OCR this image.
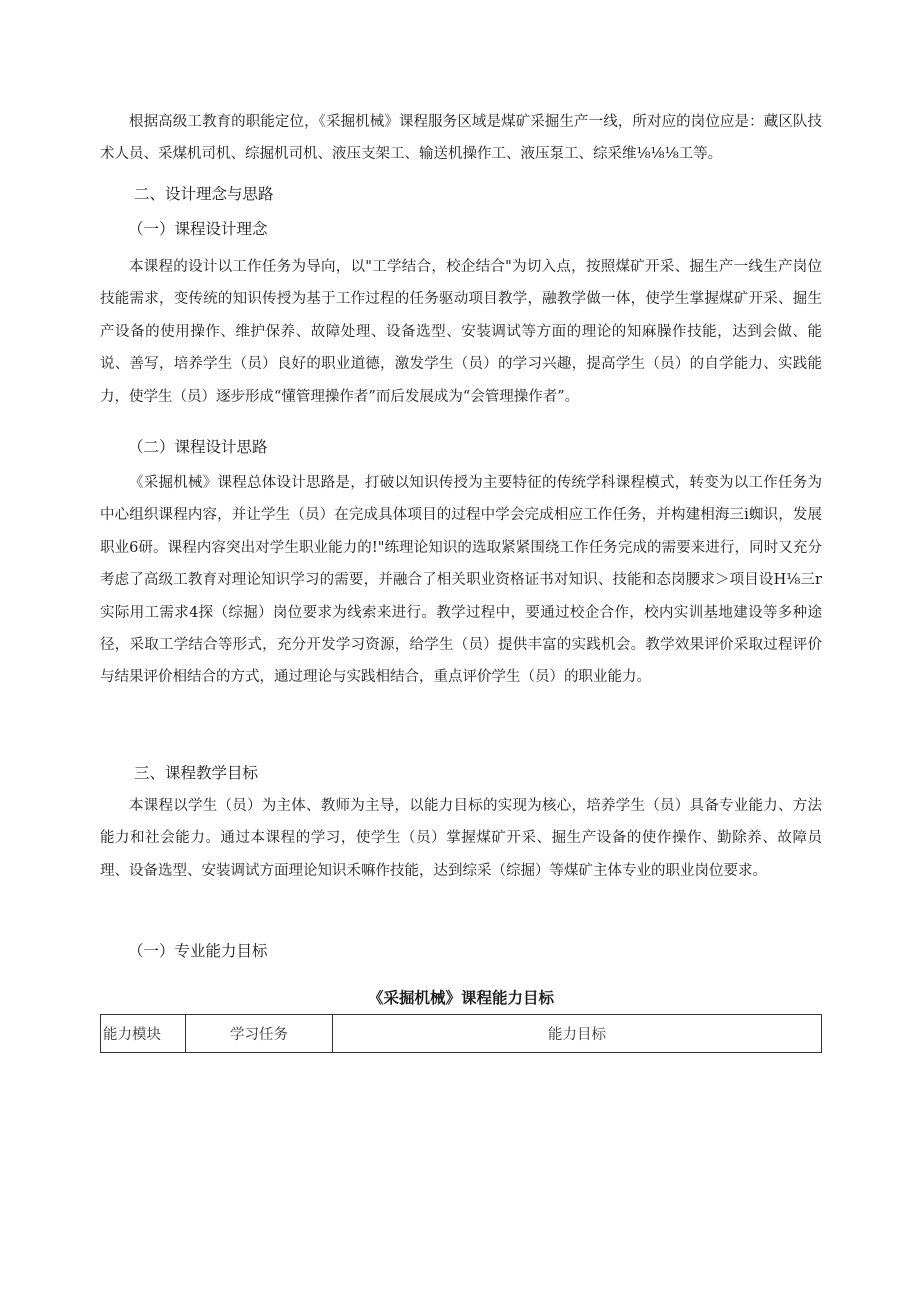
根据高级工教育的职能定位，《采掘机械》课程服务区域是煤矿采掘生产一线，所对应的岗位应是：藏区队技术人员、采煤机司机、综掘机司机、液压支架工、输送机操作工、液压泵工、综采维⅛⅛⅛工等。

二、设计理念与思路
（一）课程设计理念

本课程的设计以工作任务为导向，以"工学结合，校企结合"为切入点，按照煤矿开采、掘生产一线生产岗位技能需求，变传统的知识传授为基于工作过程的任务驱动项目教学，融教学做一体，使学生掌握煤矿开采、掘生产设备的使用操作、维护保养、故障处理、设备选型、安装调试等方面的理论的知麻臊作技能，达到会做、能说、善写，培养学生（员）良好的职业道德，激发学生（员）的学习兴趣，提高学生（员）的自学能力、实践能力，使学生（员）逐步形成“懂管理操作者”而后发展成为“会管理操作者”。

（二）课程设计思路

《采掘机械》课程总体设计思路是，打破以知识传授为主要特征的传统学科课程模式，转变为以工作任务为中心组织课程内容，并让学生（员）在完成具体项目的过程中学会完成相应工作任务，并构建相海三i蜘识，发展职业6研。课程内容突出对学生职业能力的!"练理论知识的选取紧紧围绕工作任务完成的需要来进行，同时又充分考虑了高级工教育对理论知识学习的需要，并融合了相关职业资格证书对知识、技能和态岗腰求＞项目设H⅛三r实际用工需求4探（综掘）岗位要求为线索来进行。教学过程中，要通过校企合作，校内实训基地建设等多种途径，采取工学结合等形式，充分开发学习资源，给学生（员）提供丰富的实践机会。教学效果评价采取过程评价与结果评价相结合的方式，通过理论与实践相结合，重点评价学生（员）的职业能力。

三、课程教学目标

本课程以学生（员）为主体、教师为主导，以能力目标的实现为核心，培养学生（员）具备专业能力、方法能力和社会能力。通过本课程的学习，使学生（员）掌握煤矿开采、掘生产设备的使作操作、勤除养、故障员理、设备选型、安装调试方面理论知识禾嘛作技能，达到综采（综掘）等煤矿主体专业的职业岗位要求。

（一）专业能力目标
《采掘机械》课程能力目标
能力模块	学习任务	能力目标
